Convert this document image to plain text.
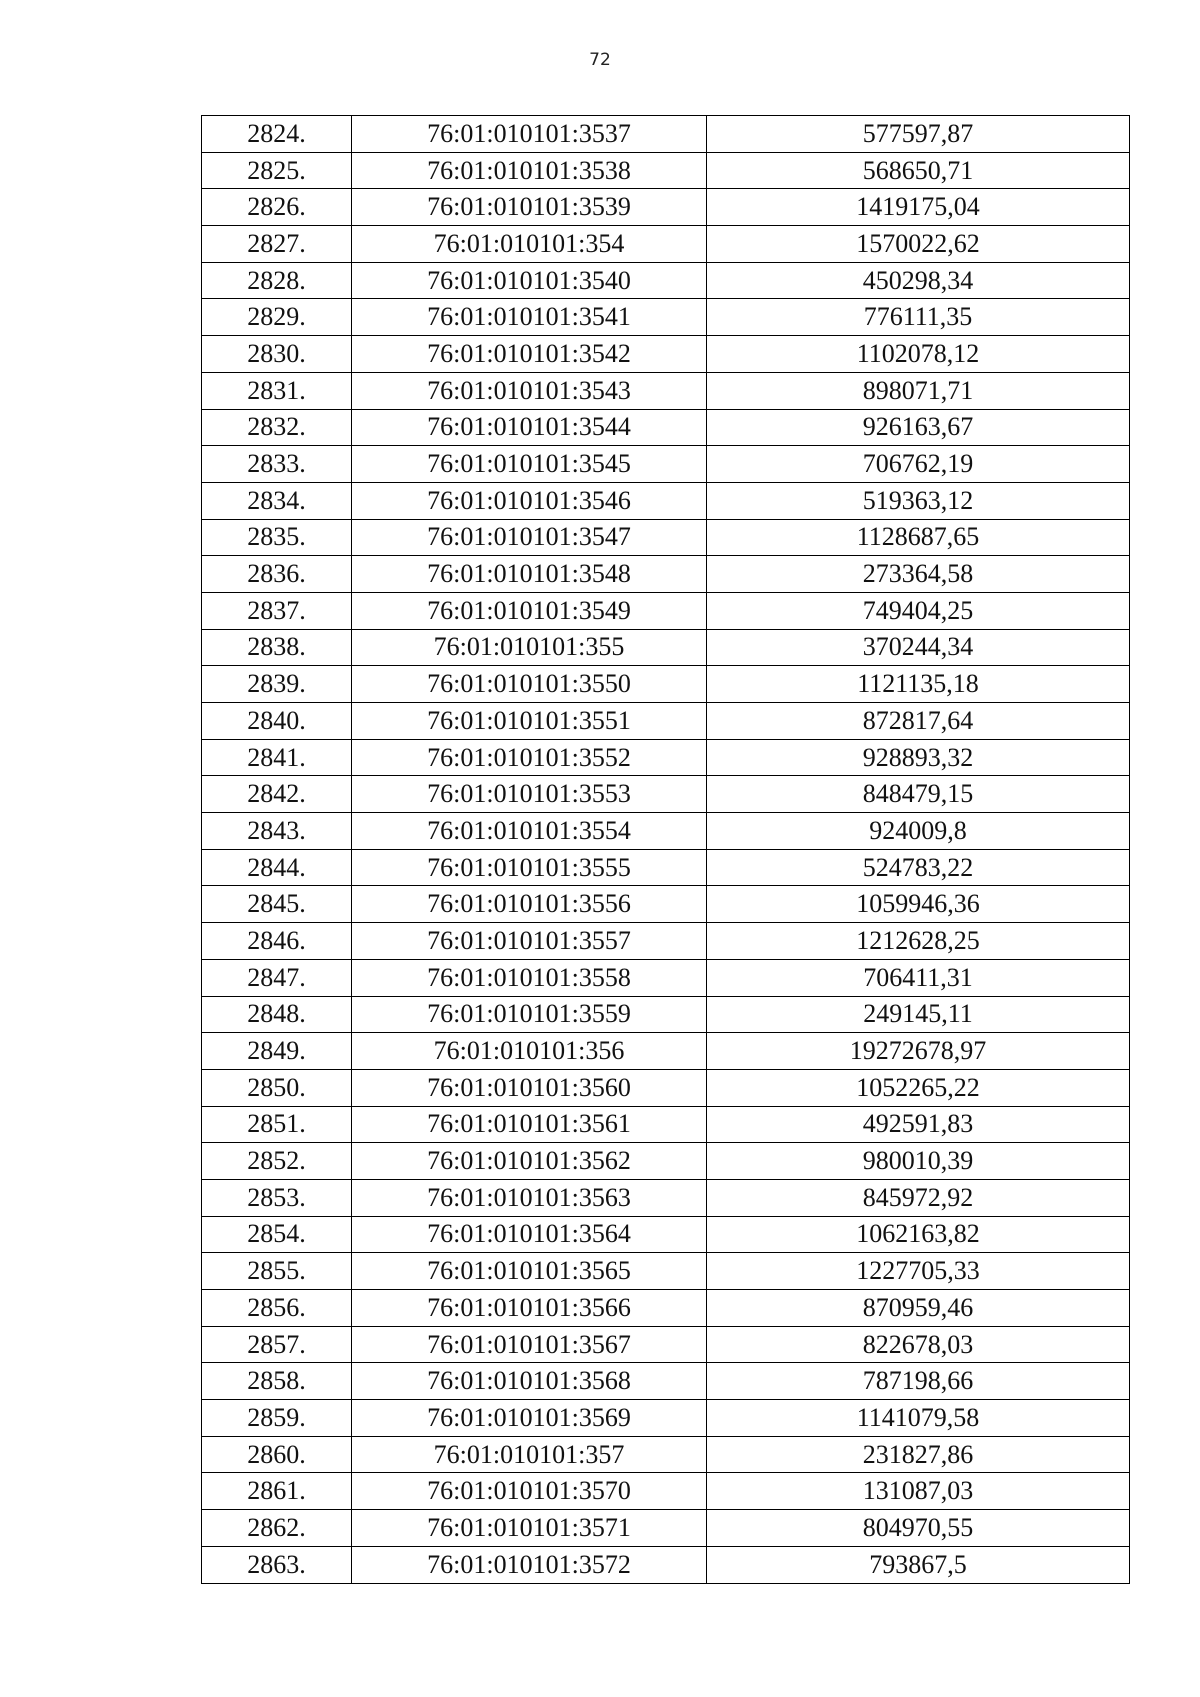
72
2824.	76:01:010101:3537	577597,87
2825.	76:01:010101:3538	568650,71
2826.	76:01:010101:3539	1419175,04
2827.	76:01:010101:354	1570022,62
2828.	76:01:010101:3540	450298,34
2829.	76:01:010101:3541	776111,35
2830.	76:01:010101:3542	1102078,12
2831.	76:01:010101:3543	898071,71
2832.	76:01:010101:3544	926163,67
2833.	76:01:010101:3545	706762,19
2834.	76:01:010101:3546	519363,12
2835.	76:01:010101:3547	1128687,65
2836.	76:01:010101:3548	273364,58
2837.	76:01:010101:3549	749404,25
2838.	76:01:010101:355	370244,34
2839.	76:01:010101:3550	1121135,18
2840.	76:01:010101:3551	872817,64
2841.	76:01:010101:3552	928893,32
2842.	76:01:010101:3553	848479,15
2843.	76:01:010101:3554	924009,8
2844.	76:01:010101:3555	524783,22
2845.	76:01:010101:3556	1059946,36
2846.	76:01:010101:3557	1212628,25
2847.	76:01:010101:3558	706411,31
2848.	76:01:010101:3559	249145,11
2849.	76:01:010101:356	19272678,97
2850.	76:01:010101:3560	1052265,22
2851.	76:01:010101:3561	492591,83
2852.	76:01:010101:3562	980010,39
2853.	76:01:010101:3563	845972,92
2854.	76:01:010101:3564	1062163,82
2855.	76:01:010101:3565	1227705,33
2856.	76:01:010101:3566	870959,46
2857.	76:01:010101:3567	822678,03
2858.	76:01:010101:3568	787198,66
2859.	76:01:010101:3569	1141079,58
2860.	76:01:010101:357	231827,86
2861.	76:01:010101:3570	131087,03
2862.	76:01:010101:3571	804970,55
2863.	76:01:010101:3572	793867,5
